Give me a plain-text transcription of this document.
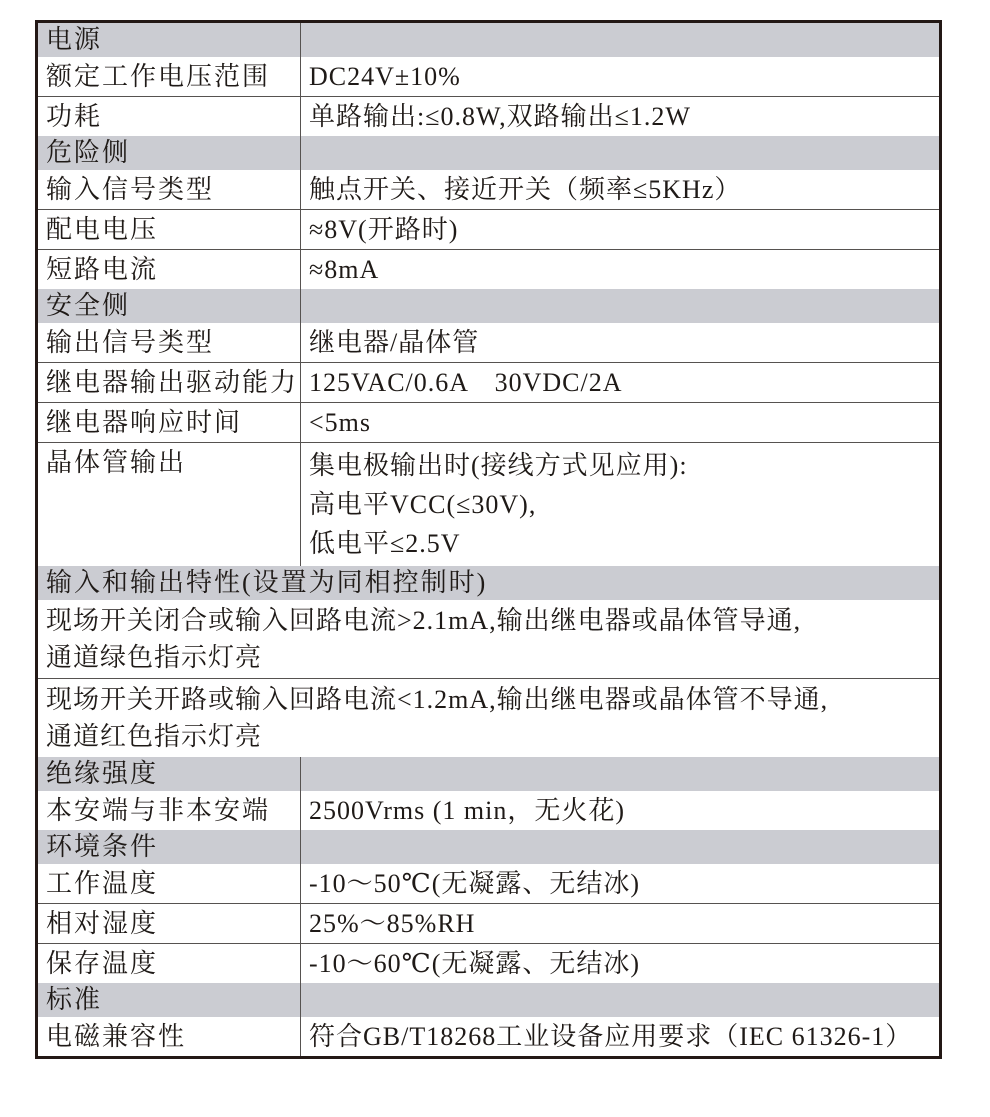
电源	
额定工作电压范围	DC24V±10%
功耗	单路输出:≤0.8W,双路输出≤1.2W
危险侧	
输入信号类型	触点开关、接近开关（频率≤5KHz）
配电电压	≈8V(开路时)
短路电流	≈8mA
安全侧	
输出信号类型	继电器/晶体管
继电器输出驱动能力	125VAC/0.6A　30VDC/2A
继电器响应时间	<5ms
晶体管输出	集电极输出时(接线方式见应用):
高电平VCC(≤30V),
低电平≤2.5V

输入和输出特性(设置为同相控制时)	

现场开关闭合或输入回路电流>2.1mA,输出继电器或晶体管导通,
通道绿色指示灯亮	

现场开关开路或输入回路电流<1.2mA,输出继电器或晶体管不导通,
通道红色指示灯亮	

绝缘强度	
本安端与非本安端	2500Vrms (1 min，无火花)
环境条件	
工作温度	-10～50℃(无凝露、无结冰)
相对湿度	25%～85%RH
保存温度	-10～60℃(无凝露、无结冰)
标准	
电磁兼容性	符合GB/T18268工业设备应用要求（IEC 61326-1）
